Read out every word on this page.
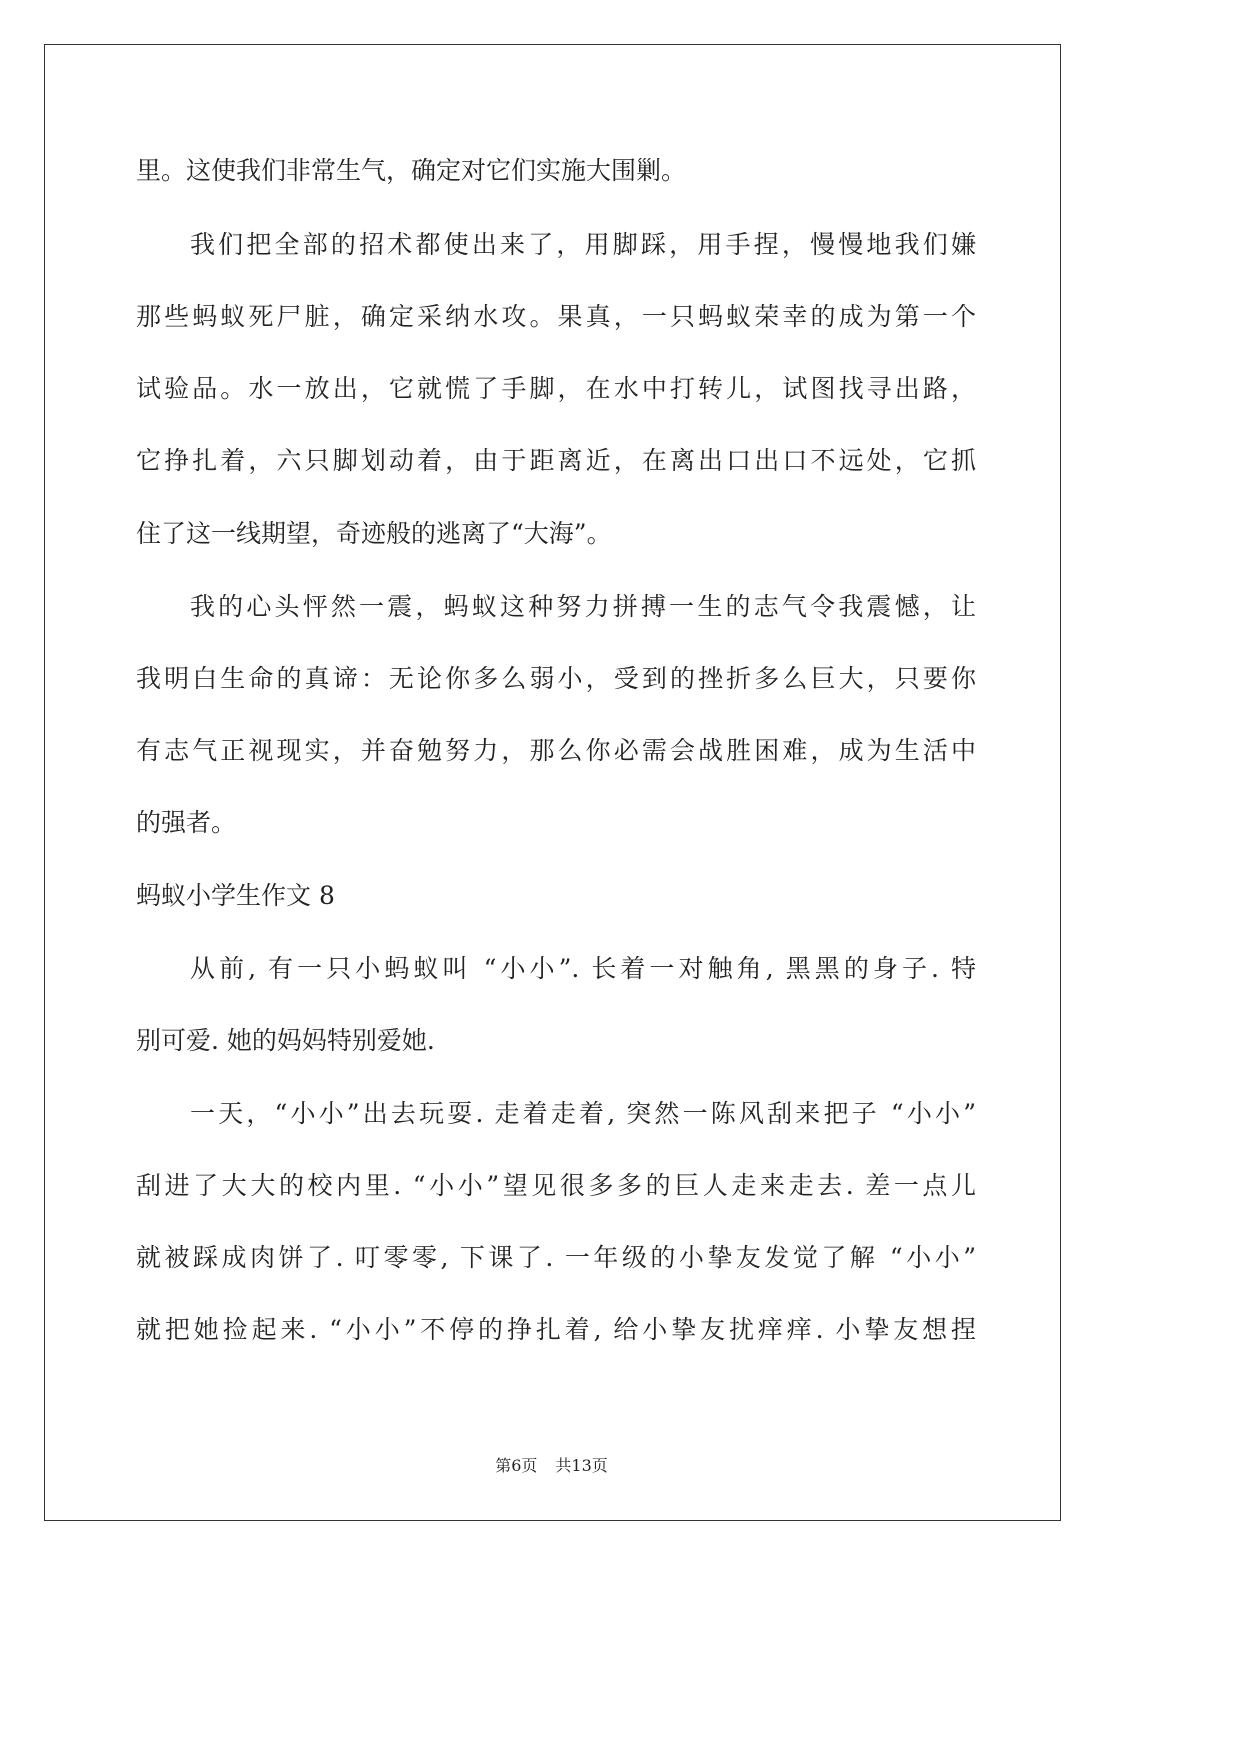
里。这使我们非常生气，确定对它们实施大围剿。
我们把全部的招术都使出来了，用脚踩，用手捏，慢慢地我们嫌
那些蚂蚁死尸脏，确定采纳水攻。果真，一只蚂蚁荣幸的成为第一个
试验品。水一放出，它就慌了手脚，在水中打转儿，试图找寻出路，
它挣扎着，六只脚划动着，由于距离近，在离出口出口不远处，它抓
住了这一线期望，奇迹般的逃离了“大海”。
我的心头怦然一震，蚂蚁这种努力拼搏一生的志气令我震憾，让
我明白生命的真谛：无论你多么弱小，受到的挫折多么巨大，只要你
有志气正视现实，并奋勉努力，那么你必需会战胜困难，成为生活中
的强者。
蚂蚁小学生作文 8
从前, 有一只小蚂蚁叫 “小小”. 长着一对触角, 黑黑的身子. 特
别可爱. 她的妈妈特别爱她.
一天，“小小”出去玩耍. 走着走着, 突然一陈风刮来把子 “小小”
刮进了大大的校内里. “小小”望见很多多的巨人走来走去. 差一点儿
就被踩成肉饼了. 叮零零, 下课了. 一年级的小挚友发觉了解 “小小”
就把她捡起来. “小小”不停的挣扎着, 给小挚友扰痒痒. 小挚友想捏
第6页 共13页
